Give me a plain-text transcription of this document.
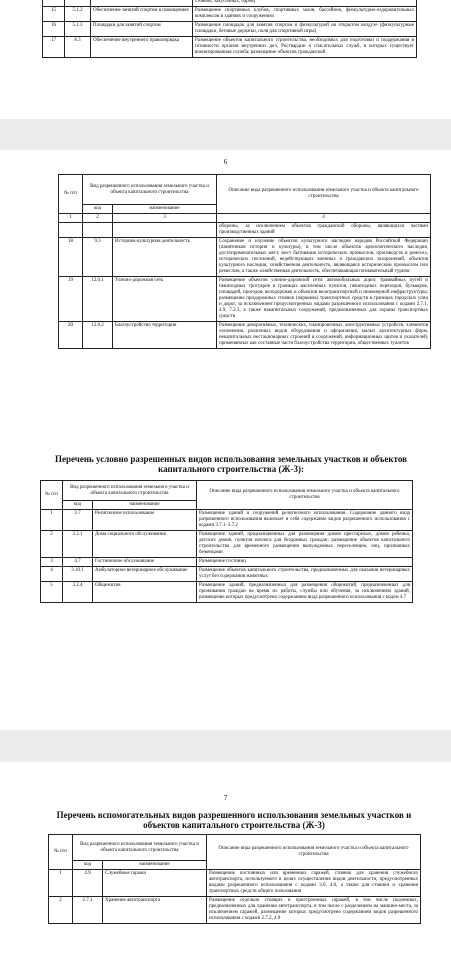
			стоянок, закусочных, баров)
15	5.1.2	Обеспечение занятий спортом в помещениях	Размещение спортивных клубов, спортивных залов, бассейнов, физкультурно-оздоровительных комплексов в зданиях и сооружениях
16	5.1.3	Площадки для занятий спортом	Размещение площадок для занятия спортом и физкультурой на открытом воздухе (физкультурные площадки, беговые дорожки, поля для спортивной игры)
17	8.3	Обеспечение внутреннего правопорядка	Размещение объектов капитального строительства, необходимых для подготовки и поддержания в готовности органов внутренних дел, Росгвардии и спасательных служб, в которых существует военизированная служба; размещение объектов гражданской
6
№ п/п	Вид разрешенного использования земельного участка и объекта капитального строительства		Описание вида разрешенного использования земельного участка и объекта капитального строительства
	код	наименование	
1	2	3	4
			обороны, за исключением объектов гражданской обороны, являющихся частями производственных зданий
18	9.3	Историко-культурная деятельность	Сохранение и изучение объектов культурного наследия народов Российской Федерации (памятников истории и культуры), в том числе объектов археологического наследия, достопримечательных мест, мест бытования исторических промыслов, производств и ремесел, исторических поселений, недействующих военных и гражданских захоронений, объектов культурного наследия, хозяйственная деятельность, являющаяся историческим промыслом или ремеслом, а также хозяйственная деятельность, обеспечивающая познавательный туризм
19	12.0.1	Улично-дорожная сеть	Размещение объектов улично-дорожной сети: автомобильных дорог, трамвайных путей и пешеходных тротуаров в границах населенных пунктов, пешеходных переходов, бульваров, площадей, проездов, велодорожек и объектов велотранспортной и инженерной инфраструктуры; размещение придорожных стоянок (парковок) транспортных средств в границах городских улиц и дорог, за исключением предусмотренных видами разрешенного использования с кодами 2.7.1, 4.9, 7.2.3, а также некапитальных сооружений, предназначенных для охраны транспортных средств
20	12.0.2	Благоустройство территории	Размещение декоративных, технических, планировочных, конструктивных устройств, элементов озеленения, различных видов оборудования и оформления, малых архитектурных форм, некапитальных нестационарных строений и сооружений, информационных щитов и указателей, применяемых как составные части благоустройства территории, общественных туалетов
Перечень условно разрешенных видов использования земельных участков и объектов капитального строительства (Ж-3):
№ п/п	Вид разрешенного использования земельного участка и объекта капитального строительства		Описание вида разрешенного использования земельного участка и объекта капитального строительства
	код	наименование	
1	3.7	Религиозное использование	Размещение зданий и сооружений религиозного использования. Содержание данного вида разрешенного использования включает в себя содержание видов разрешенного использования с кодами 3.7.1–3.7.2
2	3.2.1	Дома социального обслуживания	Размещение зданий, предназначенных для размещения домов престарелых, домов ребенка, детских домов, пунктов ночлега для бездомных граждан; размещение объектов капитального строительства для временного размещения вынужденных переселенцев, лиц, признанных беженцами
3	4.7	Гостиничное обслуживание	Размещение гостиниц
4	3.10.1	Амбулаторное ветеринарное обслуживание	Размещение объектов капитального строительства, предназначенных для оказания ветеринарных услуг без содержания животных
5	3.2.4	Общежития	Размещение зданий, предназначенных для размещения общежитий, предназначенных для проживания граждан на время их работы, службы или обучения, за исключением зданий, размещение которых предусмотрено содержанием вида разрешенного использования с кодом 4.7
7
Перечень вспомогательных видов разрешенного использования земельных участков и объектов капитального строительства (Ж-3)
№ п/п	Вид разрешенного использования земельного участка и объекта капитального строительства		Описание вида разрешенного использования земельного участка и объекта капитального строительства
	код	наименование	
1	4.9	Служебные гаражи	Размещение постоянных или временных гаражей, стоянок для хранения служебного автотранспорта, используемого в целях осуществления видов деятельности, предусмотренных видами разрешенного использования с кодами 3.0, 4.0, а также для стоянки и хранения транспортных средств общего пользования
2	2.7.1	Хранение автотранспорта	Размещение отдельно стоящих и пристроенных гаражей, в том числе подземных, предназначенных для хранения автотранспорта, в том числе с разделением на машино-места, за исключением гаражей, размещение которых предусмотрено содержанием видов разрешенного использования с кодами 2.7.2, 4.9
